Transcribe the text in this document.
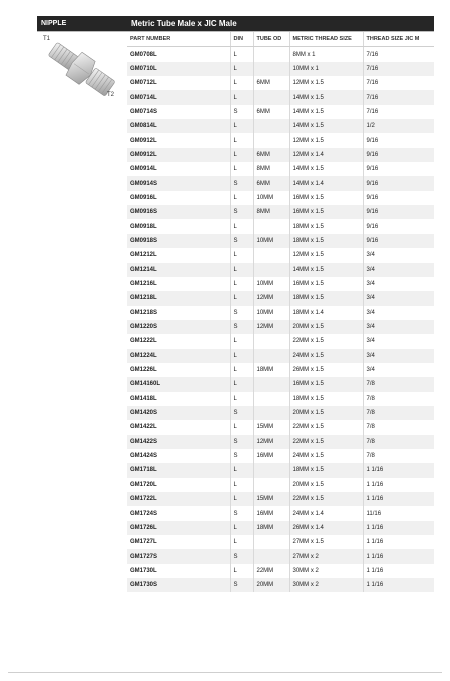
NIPPLE	Metric Tube Male x JIC Male
T1
T2
PART NUMBER	DIN	TUBE OD	METRIC THREAD SIZE	THREAD SIZE JIC M
GM0708L	L		8MM x 1	7/16
GM0710L	L		10MM x 1	7/16
GM0712L	L	6MM	12MM x 1.5	7/16
GM0714L	L		14MM x 1.5	7/16
GM0714S	S	6MM	14MM x 1.5	7/16
GM0814L	L		14MM x 1.5	1/2
GM0912L	L		12MM x 1.5	9/16
GM0912L	L	6MM	12MM x 1.4	9/16
GM0914L	L	8MM	14MM x 1.5	9/16
GM0914S	S	6MM	14MM x 1.4	9/16
GM0916L	L	10MM	16MM x 1.5	9/16
GM0916S	S	8MM	16MM x 1.5	9/16
GM0918L	L		18MM x 1.5	9/16
GM0918S	S	10MM	18MM x 1.5	9/16
GM1212L	L		12MM x 1.5	3/4
GM1214L	L		14MM x 1.5	3/4
GM1216L	L	10MM	16MM x 1.5	3/4
GM1218L	L	12MM	18MM x 1.5	3/4
GM1218S	S	10MM	18MM x 1.4	3/4
GM1220S	S	12MM	20MM x 1.5	3/4
GM1222L	L		22MM x 1.5	3/4
GM1224L	L		24MM x 1.5	3/4
GM1226L	L	18MM	26MM x 1.5	3/4
GM14160L	L		16MM x 1.5	7/8
GM1418L	L		18MM x 1.5	7/8
GM1420S	S		20MM x 1.5	7/8
GM1422L	L	15MM	22MM x 1.5	7/8
GM1422S	S	12MM	22MM x 1.5	7/8
GM1424S	S	16MM	24MM x 1.5	7/8
GM1718L	L		18MM x 1.5	1 1/16
GM1720L	L		20MM x 1.5	1 1/16
GM1722L	L	15MM	22MM x 1.5	1 1/16
GM1724S	S	16MM	24MM x 1.4	11/16
GM1726L	L	18MM	26MM x 1.4	1 1/16
GM1727L	L		27MM x 1.5	1 1/16
GM1727S	S		27MM x 2	1 1/16
GM1730L	L	22MM	30MM x 2	1 1/16
GM1730S	S	20MM	30MM x 2	1 1/16
